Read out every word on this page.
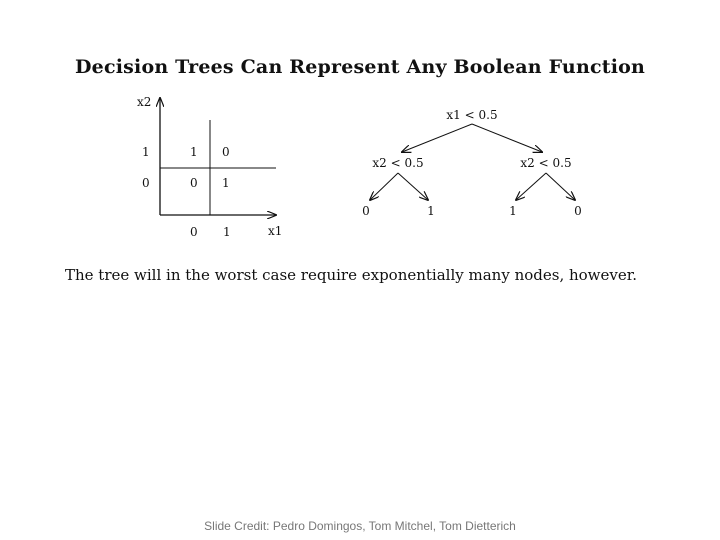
Decision Trees Can Represent Any Boolean Function
x2
x1
1
0
0 1
1 0
0 1
x1 < 0.5
x2 < 0.5	x2 < 0.5
0	1	1	0
The tree will in the worst case require exponentially many nodes, however.
Slide Credit: Pedro Domingos, Tom Mitchel, Tom Dietterich
